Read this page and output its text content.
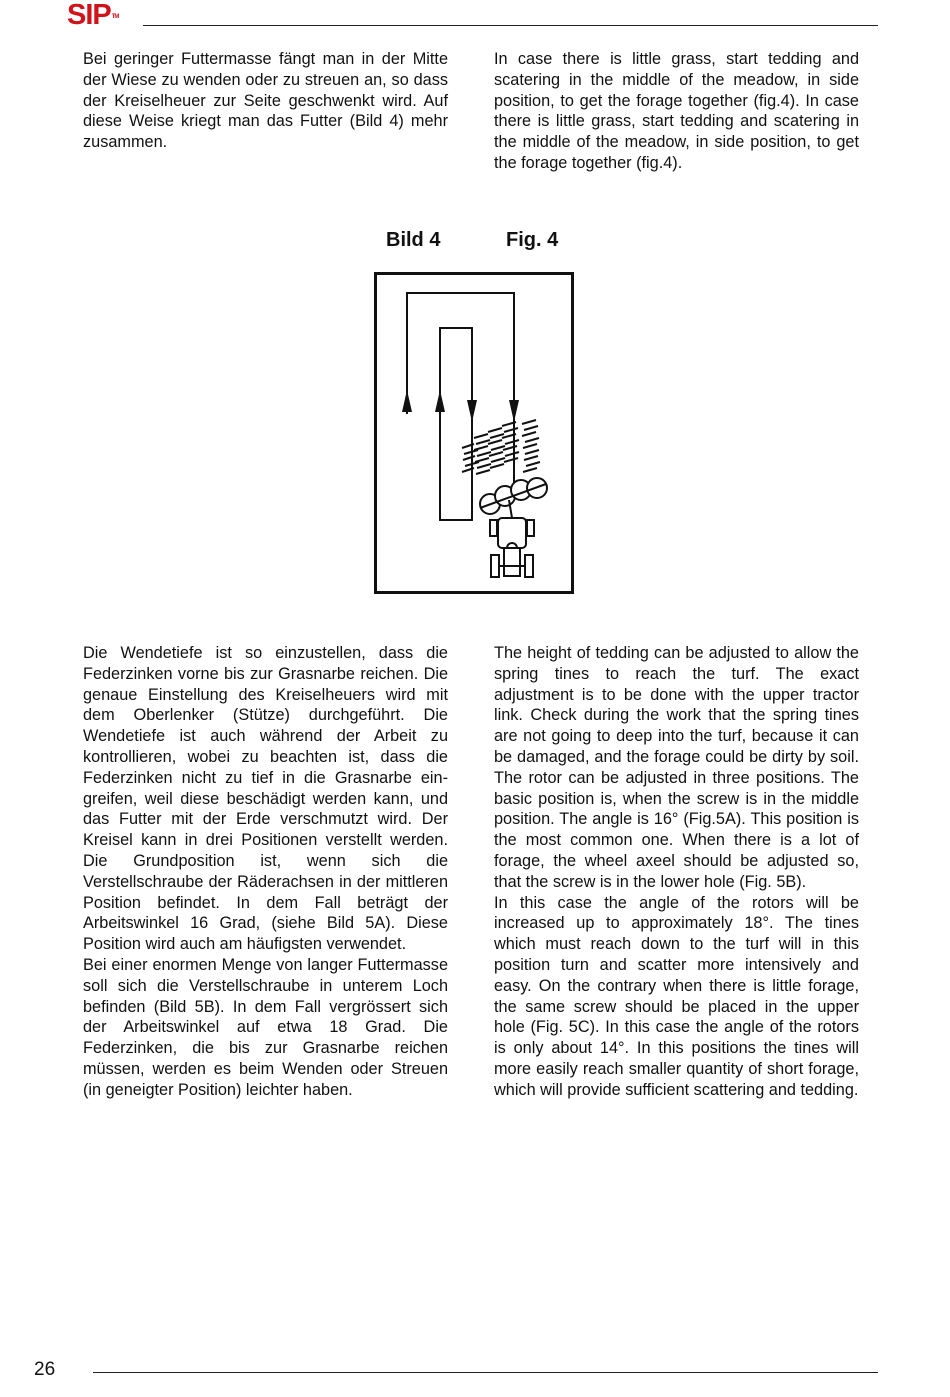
SIP™

Bei geringer Futtermasse fängt man in der Mitte der Wiese zu wenden oder zu streuen an, so dass der Kreiselheuer zur Seite geschwenkt wird. Auf diese Weise kriegt man das Futter (Bild 4) mehr zusammen.

In case there is little grass, start tedding and scatering in the middle of the meadow, in side position, to get the forage together (fig.4). In case there is little grass, start tedding and scatering in the middle of the meadow, in side position, to get the forage together (fig.4).

Bild 4	Fig. 4

Die Wendetiefe ist so einzustellen, dass die Federzinken vorne bis zur Grasnarbe reichen. Die genaue Einstellung des Kreiselheuers wird mit dem Oberlenker (Stütze) durchgeführt. Die Wendetiefe ist auch während der Arbeit zu kontrollieren, wobei zu beachten ist, dass die Federzinken nicht zu tief in die Grasnarbe ein-greifen, weil diese beschädigt werden kann, und das Futter mit der Erde verschmutzt wird. Der Kreisel kann in drei Positionen verstellt werden. Die Grundposition ist, wenn sich die Verstellschraube der Räderachsen in der mittleren Position befindet. In dem Fall beträgt der Arbeitswinkel 16 Grad, (siehe Bild 5A). Diese Position wird auch am häufigsten verwendet.

Bei einer enormen Menge von langer Futtermasse soll sich die Verstellschraube in unterem Loch befinden (Bild 5B). In dem Fall vergrössert sich der Arbeitswinkel auf etwa 18 Grad. Die Federzinken, die bis zur Grasnarbe reichen müssen, werden es beim Wenden oder Streuen (in geneigter Position) leichter haben.

The height of tedding can be adjusted to allow the spring tines to reach the turf. The exact adjustment is to be done with the upper tractor link. Check during the work that the spring tines are not going to deep into the turf, because it can be damaged, and the forage could be dirty by soil. The rotor can be adjusted in three positions. The basic position is, when the screw is in the middle position. The angle is 16° (Fig.5A). This position is the most common one. When there is a lot of forage, the wheel axeel should be adjusted so, that the screw is in the lower hole (Fig. 5B).

In this case the angle of the rotors will be increased up to approximately 18°. The tines which must reach down to the turf will in this position turn and scatter more intensively and easy. On the contrary when there is little forage, the same screw should be placed in the upper hole (Fig. 5C). In this case the angle of the rotors is only about 14°. In this positions the tines will more easily reach smaller quantity of short forage, which will provide sufficient scattering and tedding.

26
